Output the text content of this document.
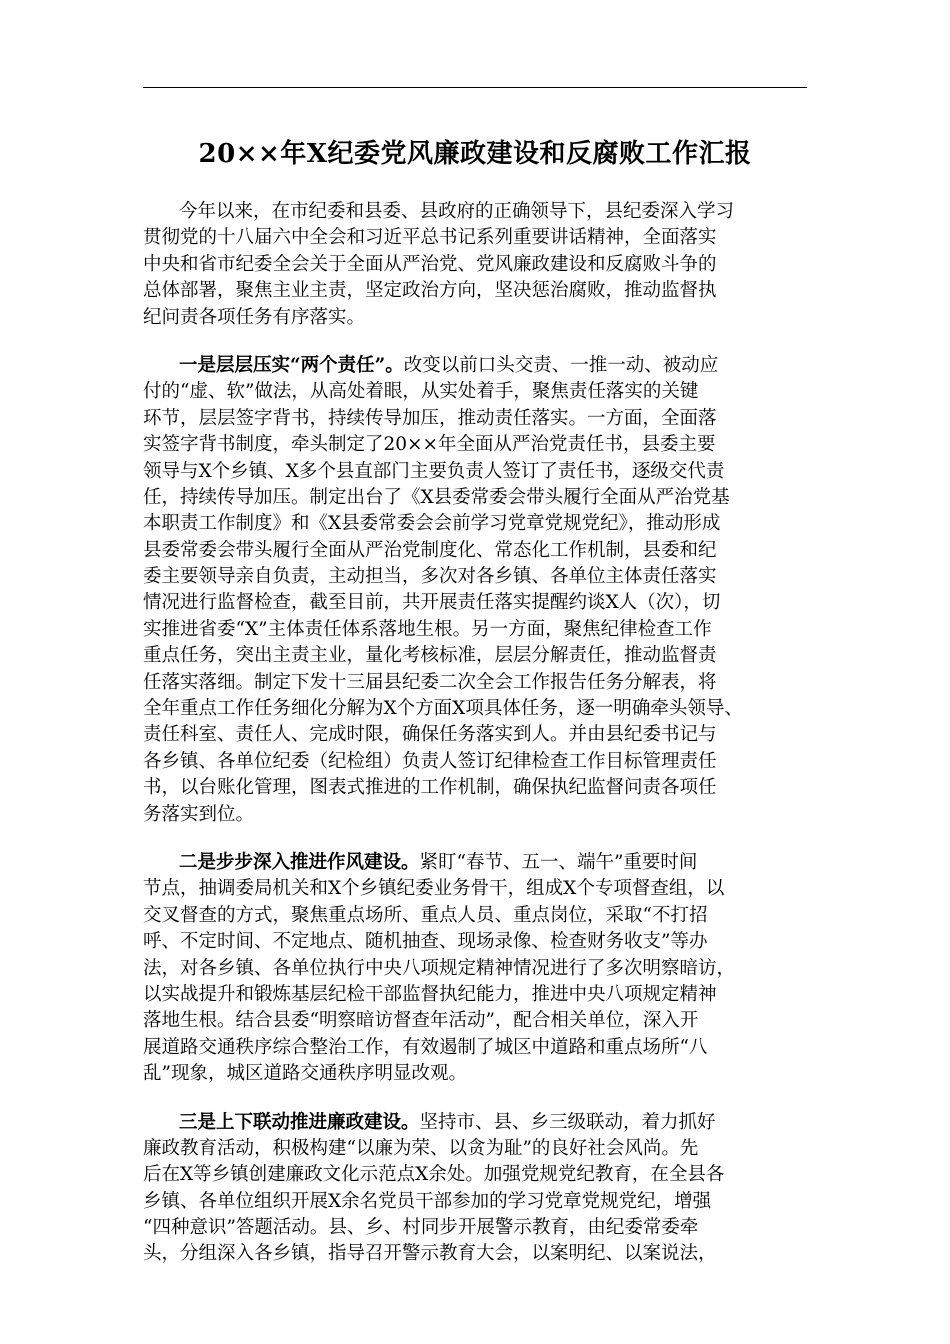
20××年X纪委党风廉政建设和反腐败工作汇报
今年以来，在市纪委和县委、县政府的正确领导下，县纪委深入学习
贯彻党的十八届六中全会和习近平总书记系列重要讲话精神，全面落实
中央和省市纪委全会关于全面从严治党、党风廉政建设和反腐败斗争的
总体部署，聚焦主业主责，坚定政治方向，坚决惩治腐败，推动监督执
纪问责各项任务有序落实。
一是层层压实“两个责任”。改变以前口头交责、一推一动、被动应
付的“虚、软”做法，从高处着眼，从实处着手，聚焦责任落实的关键
环节，层层签字背书，持续传导加压，推动责任落实。一方面，全面落
实签字背书制度，牵头制定了20××年全面从严治党责任书，县委主要
领导与X个乡镇、X多个县直部门主要负责人签订了责任书，逐级交代责
任，持续传导加压。制定出台了《X县委常委会带头履行全面从严治党基
本职责工作制度》和《X县委常委会会前学习党章党规党纪》，推动形成
县委常委会带头履行全面从严治党制度化、常态化工作机制，县委和纪
委主要领导亲自负责，主动担当，多次对各乡镇、各单位主体责任落实
情况进行监督检查，截至目前，共开展责任落实提醒约谈X人（次），切
实推进省委“X”主体责任体系落地生根。另一方面，聚焦纪律检查工作
重点任务，突出主责主业，量化考核标准，层层分解责任，推动监督责
任落实落细。制定下发十三届县纪委二次全会工作报告任务分解表，将
全年重点工作任务细化分解为X个方面X项具体任务，逐一明确牵头领导、
责任科室、责任人、完成时限，确保任务落实到人。并由县纪委书记与
各乡镇、各单位纪委（纪检组）负责人签订纪律检查工作目标管理责任
书，以台账化管理，图表式推进的工作机制，确保执纪监督问责各项任
务落实到位。
二是步步深入推进作风建设。紧盯“春节、五一、端午”重要时间
节点，抽调委局机关和X个乡镇纪委业务骨干，组成X个专项督查组，以
交叉督查的方式，聚焦重点场所、重点人员、重点岗位，采取“不打招
呼、不定时间、不定地点、随机抽查、现场录像、检查财务收支”等办
法，对各乡镇、各单位执行中央八项规定精神情况进行了多次明察暗访，
以实战提升和锻炼基层纪检干部监督执纪能力，推进中央八项规定精神
落地生根。结合县委“明察暗访督查年活动”，配合相关单位，深入开
展道路交通秩序综合整治工作，有效遏制了城区中道路和重点场所“八
乱”现象，城区道路交通秩序明显改观。
三是上下联动推进廉政建设。坚持市、县、乡三级联动，着力抓好
廉政教育活动，积极构建“以廉为荣、以贪为耻”的良好社会风尚。先
后在X等乡镇创建廉政文化示范点X余处。加强党规党纪教育，在全县各
乡镇、各单位组织开展X余名党员干部参加的学习党章党规党纪，增强
“四种意识”答题活动。县、乡、村同步开展警示教育，由纪委常委牵
头，分组深入各乡镇，指导召开警示教育大会，以案明纪、以案说法，
